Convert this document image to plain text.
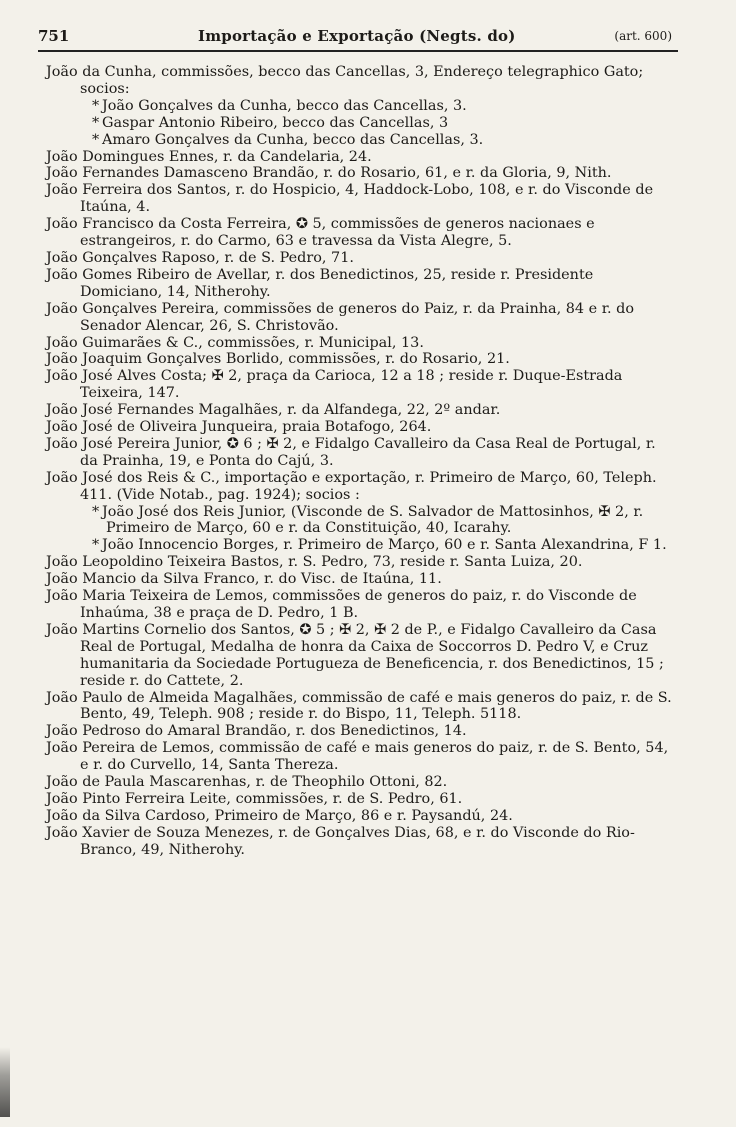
751	Importação e Exportação (Negts. do)	(art. 600)

João da Cunha, commissões, becco das Cancellas, 3, Endereço telegraphico Gato; socios:

* João Gonçalves da Cunha, becco das Cancellas, 3.

* Gaspar Antonio Ribeiro, becco das Cancellas, 3

* Amaro Gonçalves da Cunha, becco das Cancellas, 3.

João Domingues Ennes, r. da Candelaria, 24.

João Fernandes Damasceno Brandão, r. do Rosario, 61, e r. da Gloria, 9, Nith.

João Ferreira dos Santos, r. do Hospicio, 4, Haddock-Lobo, 108, e r. do Visconde de Itaúna, 4.

João Francisco da Costa Ferreira, ✪ 5, commissões de generos nacionaes e estrangeiros, r. do Carmo, 63 e travessa da Vista Alegre, 5.

João Gonçalves Raposo, r. de S. Pedro, 71.

João Gomes Ribeiro de Avellar, r. dos Benedictinos, 25, reside r. Presidente Domiciano, 14, Nitherohy.

João Gonçalves Pereira, commissões de generos do Paiz, r. da Prainha, 84 e r. do Senador Alencar, 26, S. Christovão.

João Guimarães & C., commissões, r. Municipal, 13.

João Joaquim Gonçalves Borlido, commissões, r. do Rosario, 21.

João José Alves Costa; ✠ 2, praça da Carioca, 12 a 18 ; reside r. Duque-Estrada Teixeira, 147.

João José Fernandes Magalhães, r. da Alfandega, 22, 2º andar.

João José de Oliveira Junqueira, praia Botafogo, 264.

João José Pereira Junior, ✪ 6 ; ✠ 2, e Fidalgo Cavalleiro da Casa Real de Portugal, r. da Prainha, 19, e Ponta do Cajú, 3.

João José dos Reis & C., importação e exportação, r. Primeiro de Março, 60, Teleph. 411. (Vide Notab., pag. 1924); socios :

* João José dos Reis Junior, (Visconde de S. Salvador de Mattosinhos, ✠ 2, r. Primeiro de Março, 60 e r. da Constituição, 40, Icarahy.

* João Innocencio Borges, r. Primeiro de Março, 60 e r. Santa Alexandrina, F 1.

João Leopoldino Teixeira Bastos, r. S. Pedro, 73, reside r. Santa Luiza, 20.

João Mancio da Silva Franco, r. do Visc. de Itaúna, 11.

João Maria Teixeira de Lemos, commissões de generos do paiz, r. do Visconde de Inhaúma, 38 e praça de D. Pedro, 1 B.

João Martins Cornelio dos Santos, ✪ 5 ; ✠ 2, ✠ 2 de P., e Fidalgo Cavalleiro da Casa Real de Portugal, Medalha de honra da Caixa de Soccorros D. Pedro V, e Cruz humanitaria da Sociedade Portugueza de Beneficencia, r. dos Benedictinos, 15 ; reside r. do Cattete, 2.

João Paulo de Almeida Magalhães, commissão de café e mais generos do paiz, r. de S. Bento, 49, Teleph. 908 ; reside r. do Bispo, 11, Teleph. 5118.

João Pedroso do Amaral Brandão, r. dos Benedictinos, 14.

João Pereira de Lemos, commissão de café e mais generos do paiz, r. de S. Bento, 54, e r. do Curvello, 14, Santa Thereza.

João de Paula Mascarenhas, r. de Theophilo Ottoni, 82.

João Pinto Ferreira Leite, commissões, r. de S. Pedro, 61.

João da Silva Cardoso, Primeiro de Março, 86 e r. Paysandú, 24.

João Xavier de Souza Menezes, r. de Gonçalves Dias, 68, e r. do Visconde do Rio-Branco, 49, Nitherohy.
